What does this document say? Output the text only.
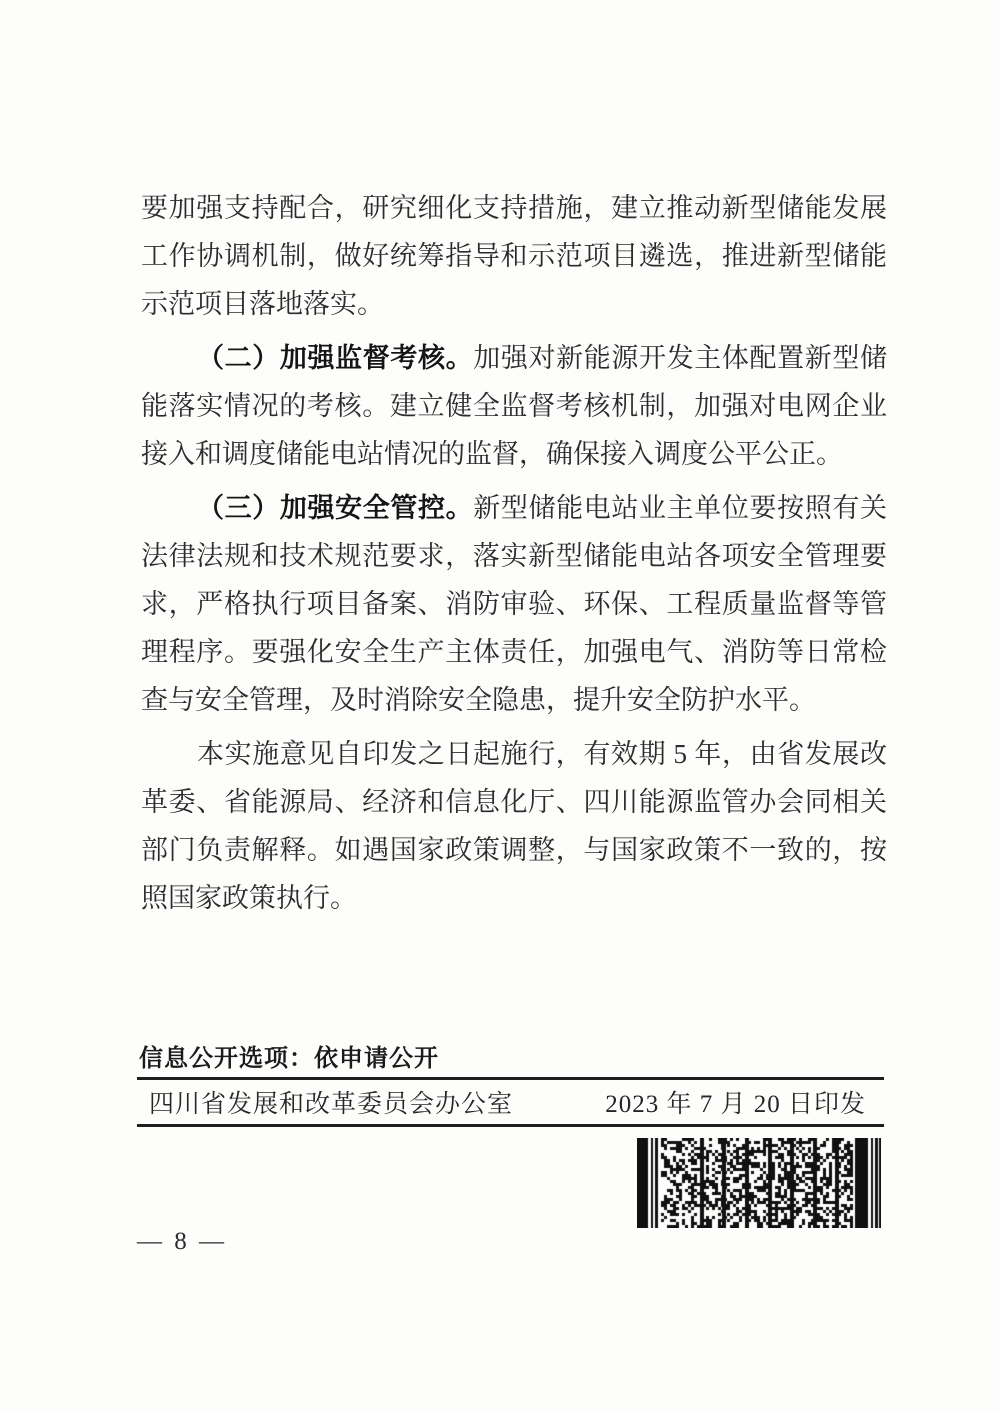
要加强支持配合，研究细化支持措施，建立推动新型储能发展工作协调机制，做好统筹指导和示范项目遴选，推进新型储能示范项目落地落实。

（二）加强监督考核。加强对新能源开发主体配置新型储能落实情况的考核。建立健全监督考核机制，加强对电网企业接入和调度储能电站情况的监督，确保接入调度公平公正。

（三）加强安全管控。新型储能电站业主单位要按照有关法律法规和技术规范要求，落实新型储能电站各项安全管理要求，严格执行项目备案、消防审验、环保、工程质量监督等管理程序。要强化安全生产主体责任，加强电气、消防等日常检查与安全管理，及时消除安全隐患，提升安全防护水平。

本实施意见自印发之日起施行，有效期 5 年，由省发展改革委、省能源局、经济和信息化厅、四川能源监管办会同相关部门负责解释。如遇国家政策调整，与国家政策不一致的，按照国家政策执行。

信息公开选项：依申请公开
四川省发展和改革委员会办公室	2023 年 7 月 20 日印发
— 8 —
